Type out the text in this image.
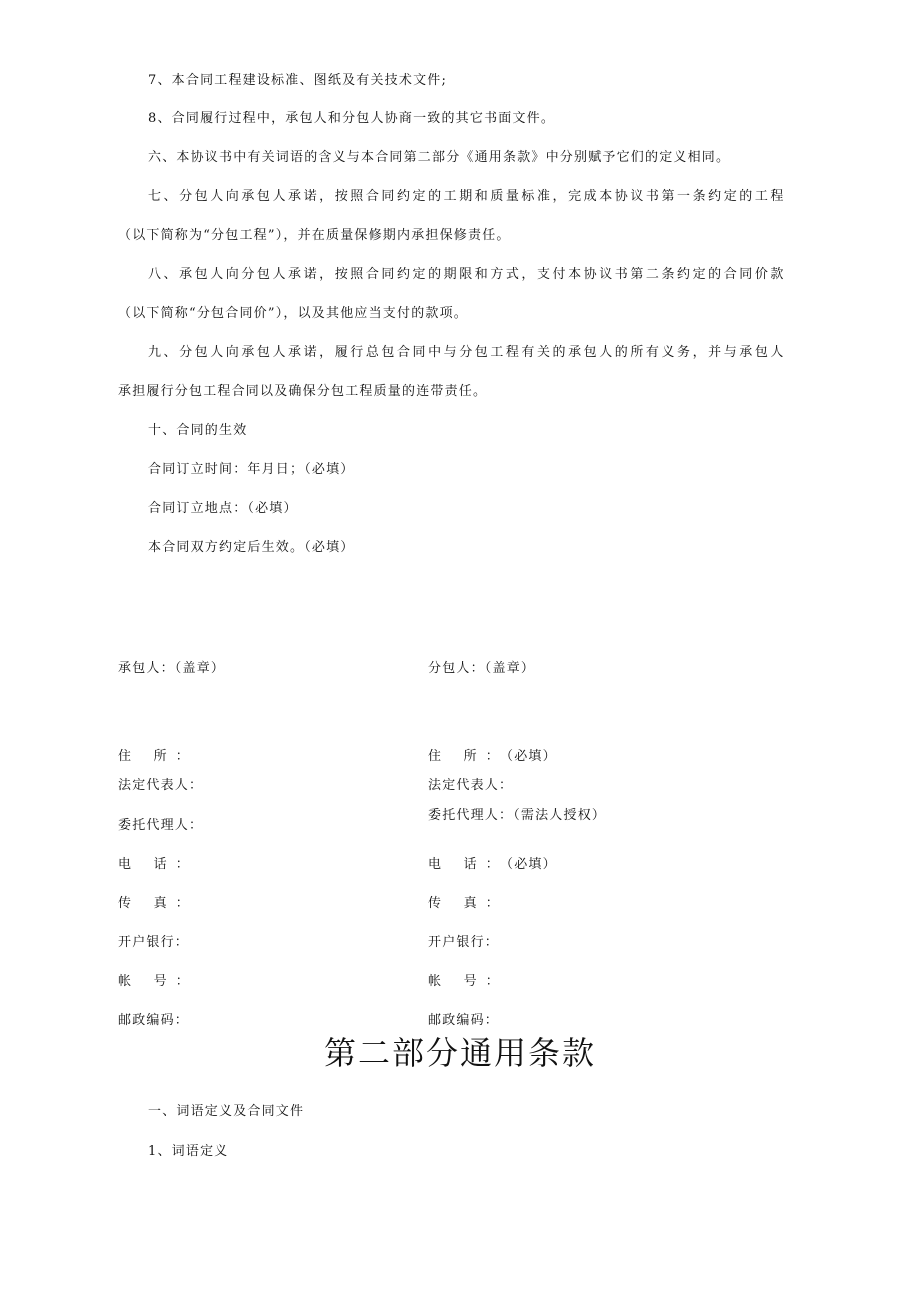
7、本合同工程建设标准、图纸及有关技术文件;
8、合同履行过程中，承包人和分包人协商一致的其它书面文件。
六、本协议书中有关词语的含义与本合同第二部分《通用条款》中分别赋予它们的定义相同。
七、分包人向承包人承诺，按照合同约定的工期和质量标准，完成本协议书第一条约定的工程
（以下简称为“分包工程”），并在质量保修期内承担保修责任。
八、承包人向分包人承诺，按照合同约定的期限和方式，支付本协议书第二条约定的合同价款
（以下简称“分包合同价”），以及其他应当支付的款项。
九、分包人向承包人承诺，履行总包合同中与分包工程有关的承包人的所有义务，并与承包人
承担履行分包工程合同以及确保分包工程质量的连带责任。
十、合同的生效
合同订立时间：年月日；（必填）
合同订立地点：（必填）
本合同双方约定后生效。（必填）
承包人：（盖章）
住 所：
法定代表人：
委托代理人：
电 话：
传 真：
开户银行：
帐 号：
邮政编码：
分包人：（盖章）
住 所：（必填）
法定代表人：
委托代理人：（需法人授权）
电 话：（必填）
传 真：
开户银行：
帐 号：
邮政编码：
第二部分通用条款
一、词语定义及合同文件
1、词语定义
